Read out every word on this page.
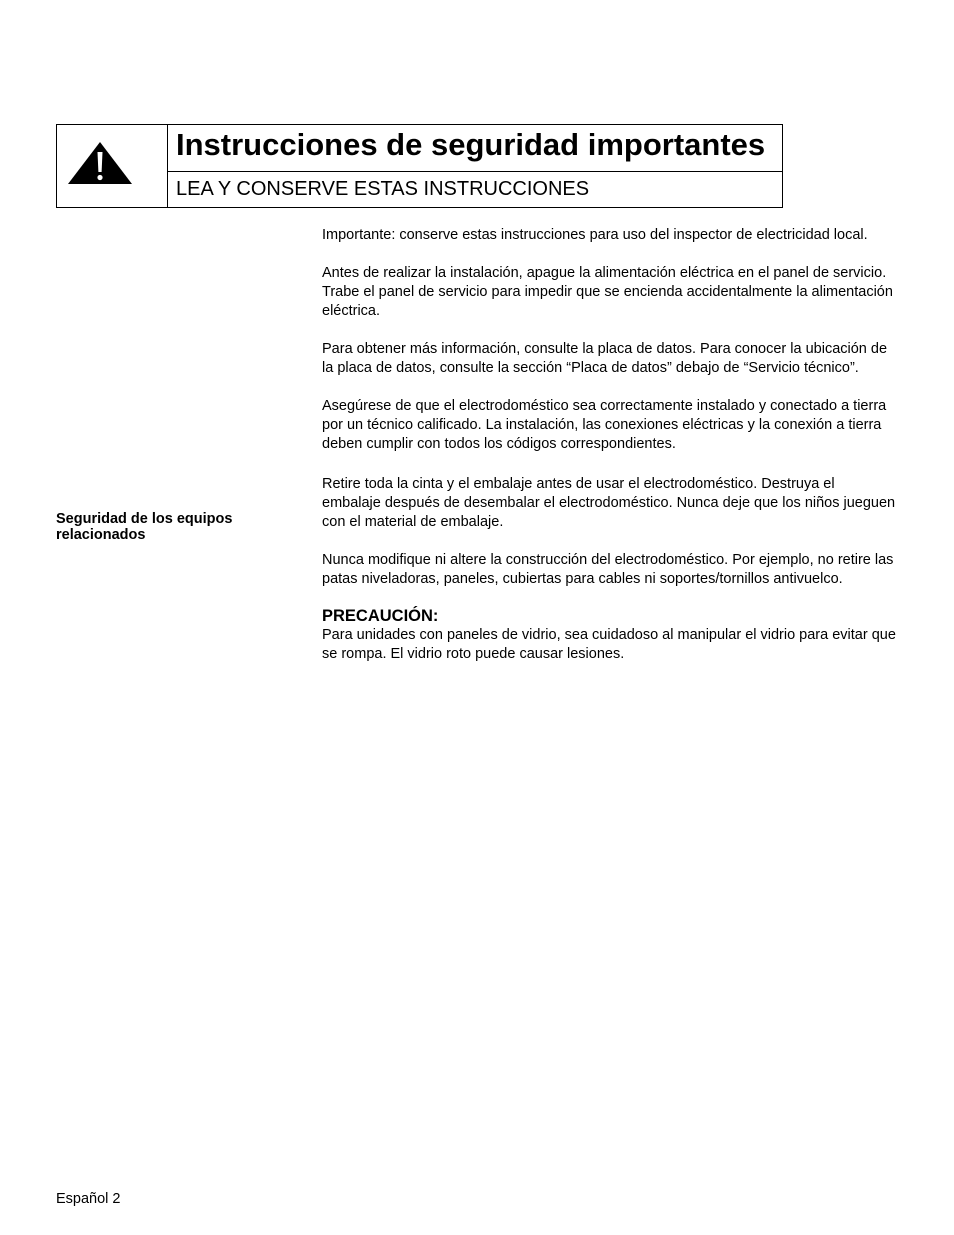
Instrucciones de seguridad importantes
LEA Y CONSERVE ESTAS INSTRUCCIONES
Seguridad de los equipos relacionados

Importante: conserve estas instrucciones para uso del inspector de electricidad local.

Antes de realizar la instalación, apague la alimentación eléctrica en el panel de servicio. Trabe el panel de servicio para impedir que se encienda accidentalmente la alimentación eléctrica.

Para obtener más información, consulte la placa de datos. Para conocer la ubicación de la placa de datos, consulte la sección “Placa de datos” debajo de “Servicio técnico”.

Asegúrese de que el electrodoméstico sea correctamente instalado y conectado a tierra por un técnico calificado. La instalación, las conexiones eléctricas y la conexión a tierra deben cumplir con todos los códigos correspondientes.

Retire toda la cinta y el embalaje antes de usar el electrodoméstico. Destruya el embalaje después de desembalar el electrodoméstico. Nunca deje que los niños jueguen con el material de embalaje.

Nunca modifique ni altere la construcción del electrodoméstico. Por ejemplo, no retire las patas niveladoras, paneles, cubiertas para cables ni soportes/tornillos antivuelco.

PRECAUCIÓN:

Para unidades con paneles de vidrio, sea cuidadoso al manipular el vidrio para evitar que se rompa. El vidrio roto puede causar lesiones.

Español 2
